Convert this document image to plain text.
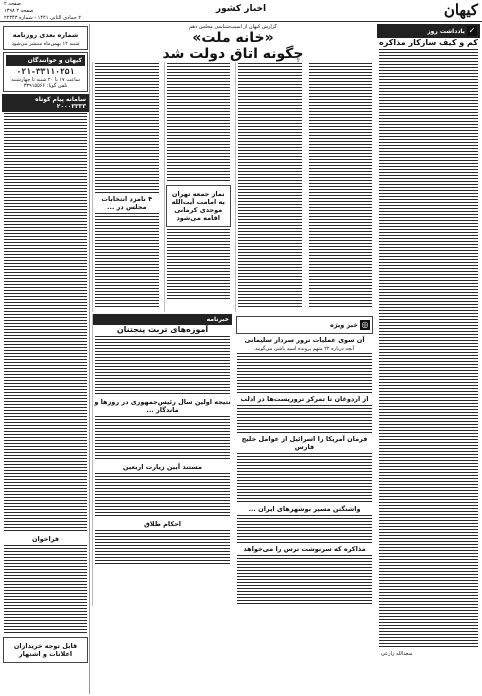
کیهان
اخبار کشور
صفحه ۲
صفحه ۲ ۱۳۹۸
۲ جمادی الثانی ۱۴۴۱ - شماره ۲۲۳۴۳
✓ یادداشت روز
کم و کیف سازکار مذاکره
سعدالله زارعی
گزارش کیهان از آسیب‌شناسی مجلس دهم
«خانه ملت»
چگونه اتاق دولت شد
نماز جمعه تهران به امامت آیت‌الله موحدی کرمانی اقامه می‌شود
۴ نامزد انتخابات مجلس در ...
◎
خبر ویژه
آن سوی عملیات ترور سردار سلیمانی
آنچه درباره ۲۲ متهم پرونده اسید پاشی می‌گویند
از اردوغان تا تمرکز تروریست‌ها در ادلب
فرمان آمریکا را اسرائیل از عوامل خلیج فارس
واشنگتن مسیر بوشهرهای ایران ...
مذاکره که سرنوشت ترس را می‌خواهد
خبرنامه
آموزه‌های تربت پنجتنان
نتیجه اولین سال رئیس‌جمهوری در روزها و ماندگار ...
مستند آیین زیارت اربعین
احکام طلاق
شماره بعدی روزنامه
شنبه ۱۲ بهمن‌ماه منتشر می‌شود
کیهان و خوانندگان
۰۲۱-۳۳۱۱۰۲۵۱
ساعت ۱۷ تا ۲۰ شنبه تا چهارشنبه
تلفن گویا: ۳۳۹۱۵۵۶۶
سامانه پیام کوتاه ۲۰۰۰۳۳۳۳
فراخوان
قابل توجه خریداران اعلانات و اشتهار
